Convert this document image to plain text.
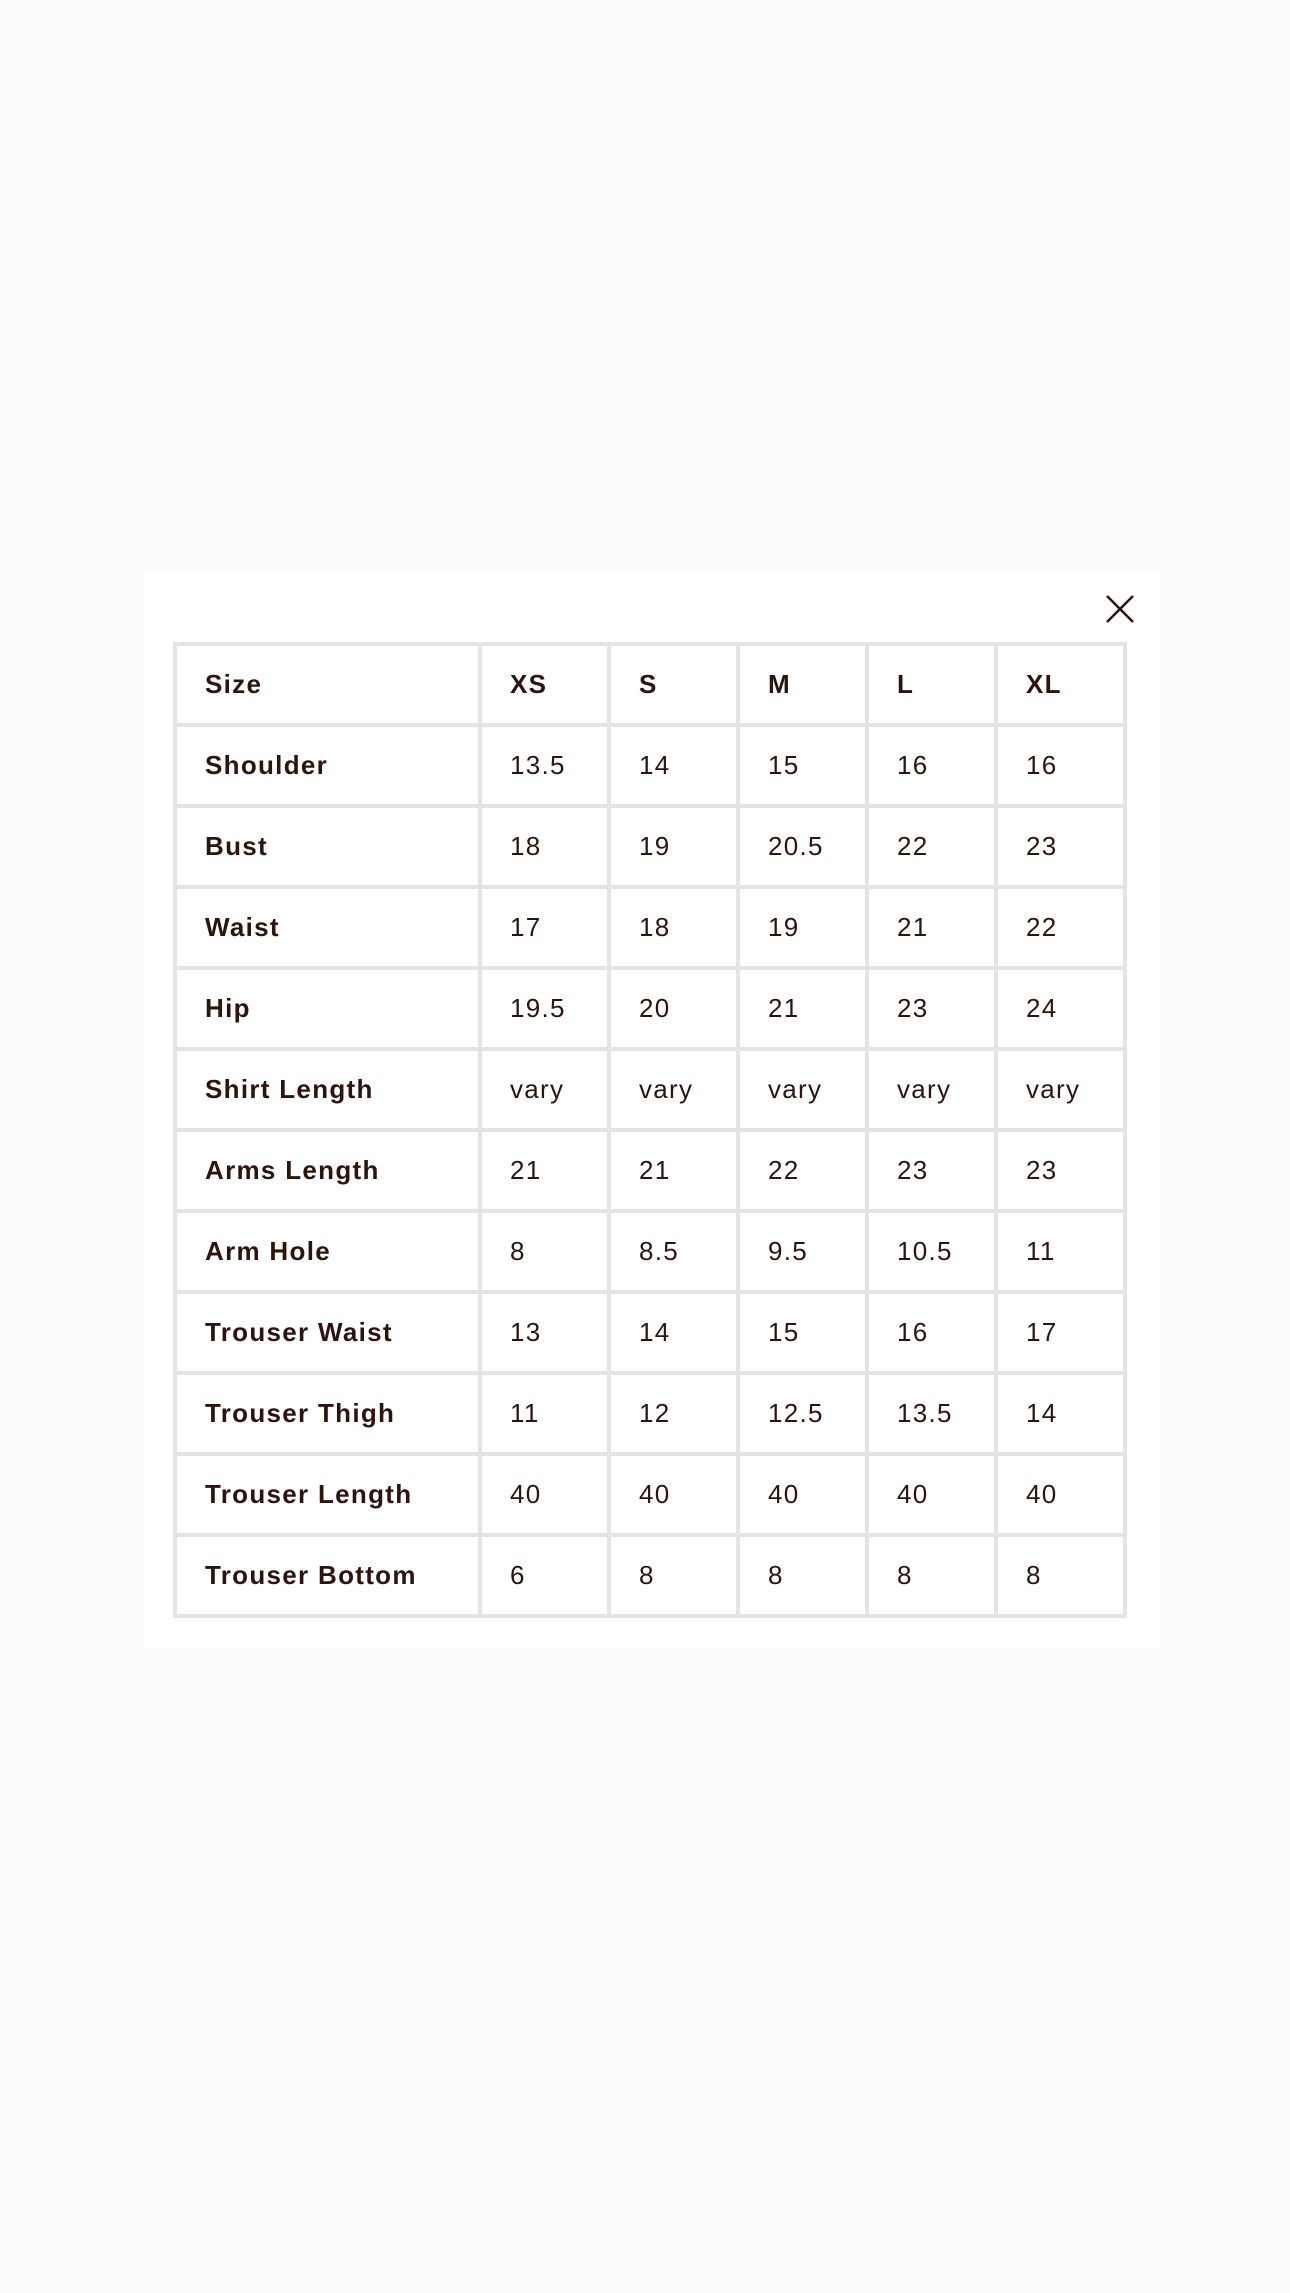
Size	XS	S	M	L	XL
Shoulder	13.5	14	15	16	16
Bust	18	19	20.5	22	23
Waist	17	18	19	21	22
Hip	19.5	20	21	23	24
Shirt Length	vary	vary	vary	vary	vary
Arms Length	21	21	22	23	23
Arm Hole	8	8.5	9.5	10.5	11
Trouser Waist	13	14	15	16	17
Trouser Thigh	11	12	12.5	13.5	14
Trouser Length	40	40	40	40	40
Trouser Bottom	6	8	8	8	8
